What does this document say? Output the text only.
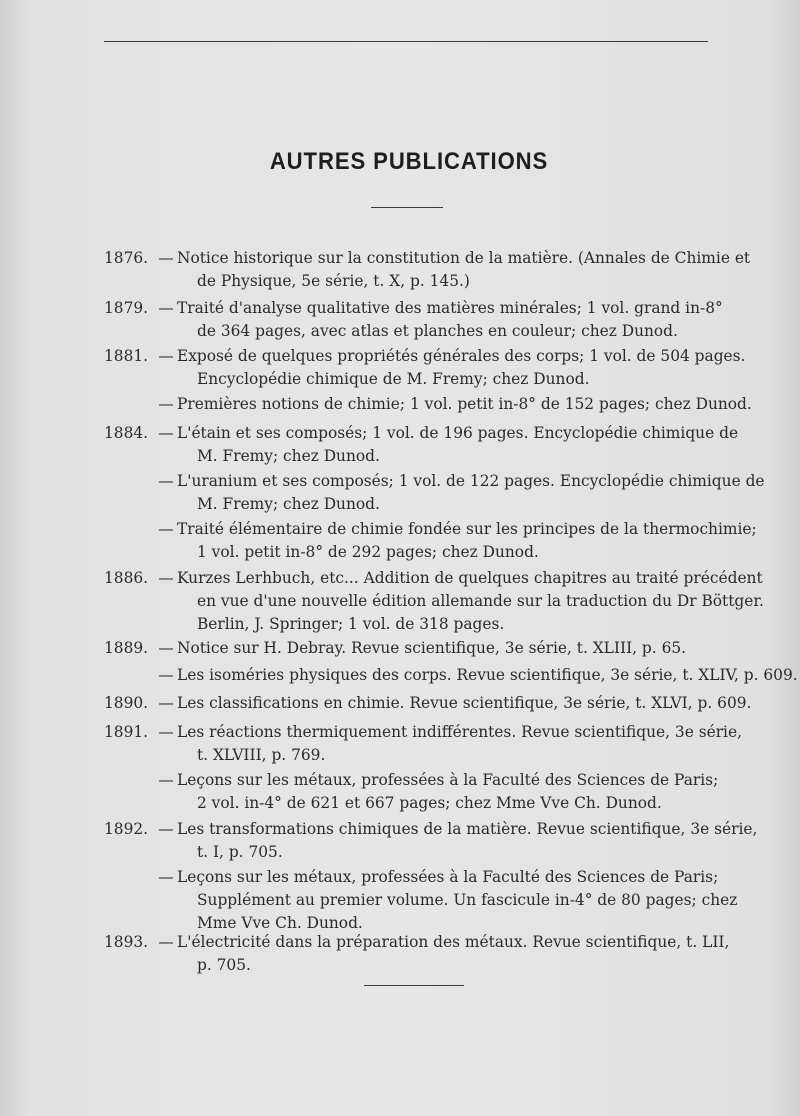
AUTRES PUBLICATIONS
1876. — Notice historique sur la constitution de la matière. (Annales de Chimie et
de Physique, 5e série, t. X, p. 145.)
1879. — Traité d'analyse qualitative des matières minérales; 1 vol. grand in-8°
de 364 pages, avec atlas et planches en couleur; chez Dunod.
1881. — Exposé de quelques propriétés générales des corps; 1 vol. de 504 pages.
Encyclopédie chimique de M. Fremy; chez Dunod.
— Premières notions de chimie; 1 vol. petit in-8° de 152 pages; chez Dunod.
1884. — L'étain et ses composés; 1 vol. de 196 pages. Encyclopédie chimique de
M. Fremy; chez Dunod.
— L'uranium et ses composés; 1 vol. de 122 pages. Encyclopédie chimique de
M. Fremy; chez Dunod.
— Traité élémentaire de chimie fondée sur les principes de la thermochimie;
1 vol. petit in-8° de 292 pages; chez Dunod.
1886. — Kurzes Lerhbuch, etc... Addition de quelques chapitres au traité précédent
en vue d'une nouvelle édition allemande sur la traduction du Dr Böttger.
Berlin, J. Springer; 1 vol. de 318 pages.
1889. — Notice sur H. Debray. Revue scientifique, 3e série, t. XLIII, p. 65.
— Les isoméries physiques des corps. Revue scientifique, 3e série, t. XLIV, p. 609.
1890. — Les classifications en chimie. Revue scientifique, 3e série, t. XLVI, p. 609.
1891. — Les réactions thermiquement indifférentes. Revue scientifique, 3e série,
t. XLVIII, p. 769.
— Leçons sur les métaux, professées à la Faculté des Sciences de Paris;
2 vol. in-4° de 621 et 667 pages; chez Mme Vve Ch. Dunod.
1892. — Les transformations chimiques de la matière. Revue scientifique, 3e série,
t. I, p. 705.
— Leçons sur les métaux, professées à la Faculté des Sciences de Paris;
Supplément au premier volume. Un fascicule in-4° de 80 pages; chez
Mme Vve Ch. Dunod.
1893. — L'électricité dans la préparation des métaux. Revue scientifique, t. LII,
p. 705.
